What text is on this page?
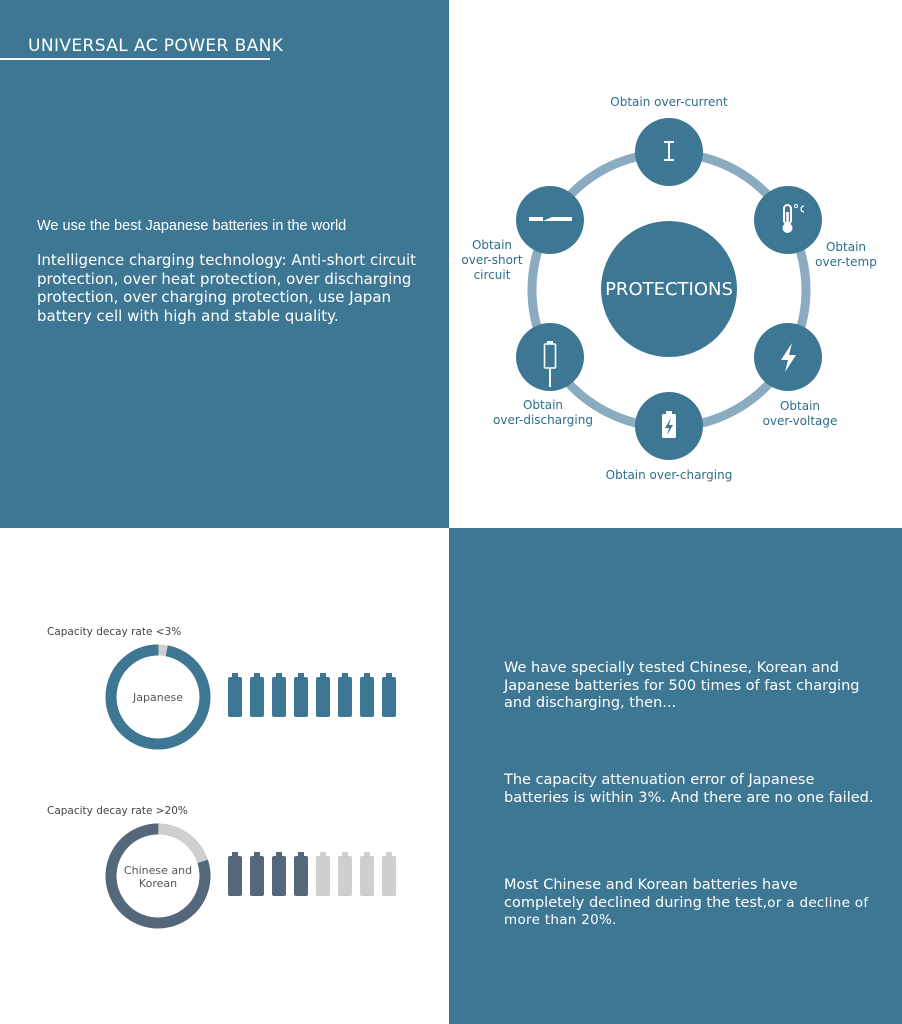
UNIVERSAL AC POWER BANK
We use the best Japanese batteries in the world
Intelligence charging technology: Anti-short circuit protection, over heat protection, over discharging protection, over charging protection, use Japan battery cell with high and stable quality.
PROTECTIONS
Obtain over-current
Obtain
over-temp
Obtain
over-voltage
Obtain over-charging
Obtain
over-discharging
Obtain
over-short
circuit
Capacity decay rate <3%
Japanese
Capacity decay rate >20%
Chinese and
Korean
We have specially tested Chinese, Korean and Japanese batteries for 500 times of fast charging and discharging, then...
The capacity attenuation error of Japanese batteries is within 3%. And there are no one failed.
Most Chinese and Korean batteries have completely declined during the test,or a decline of more than 20%.
